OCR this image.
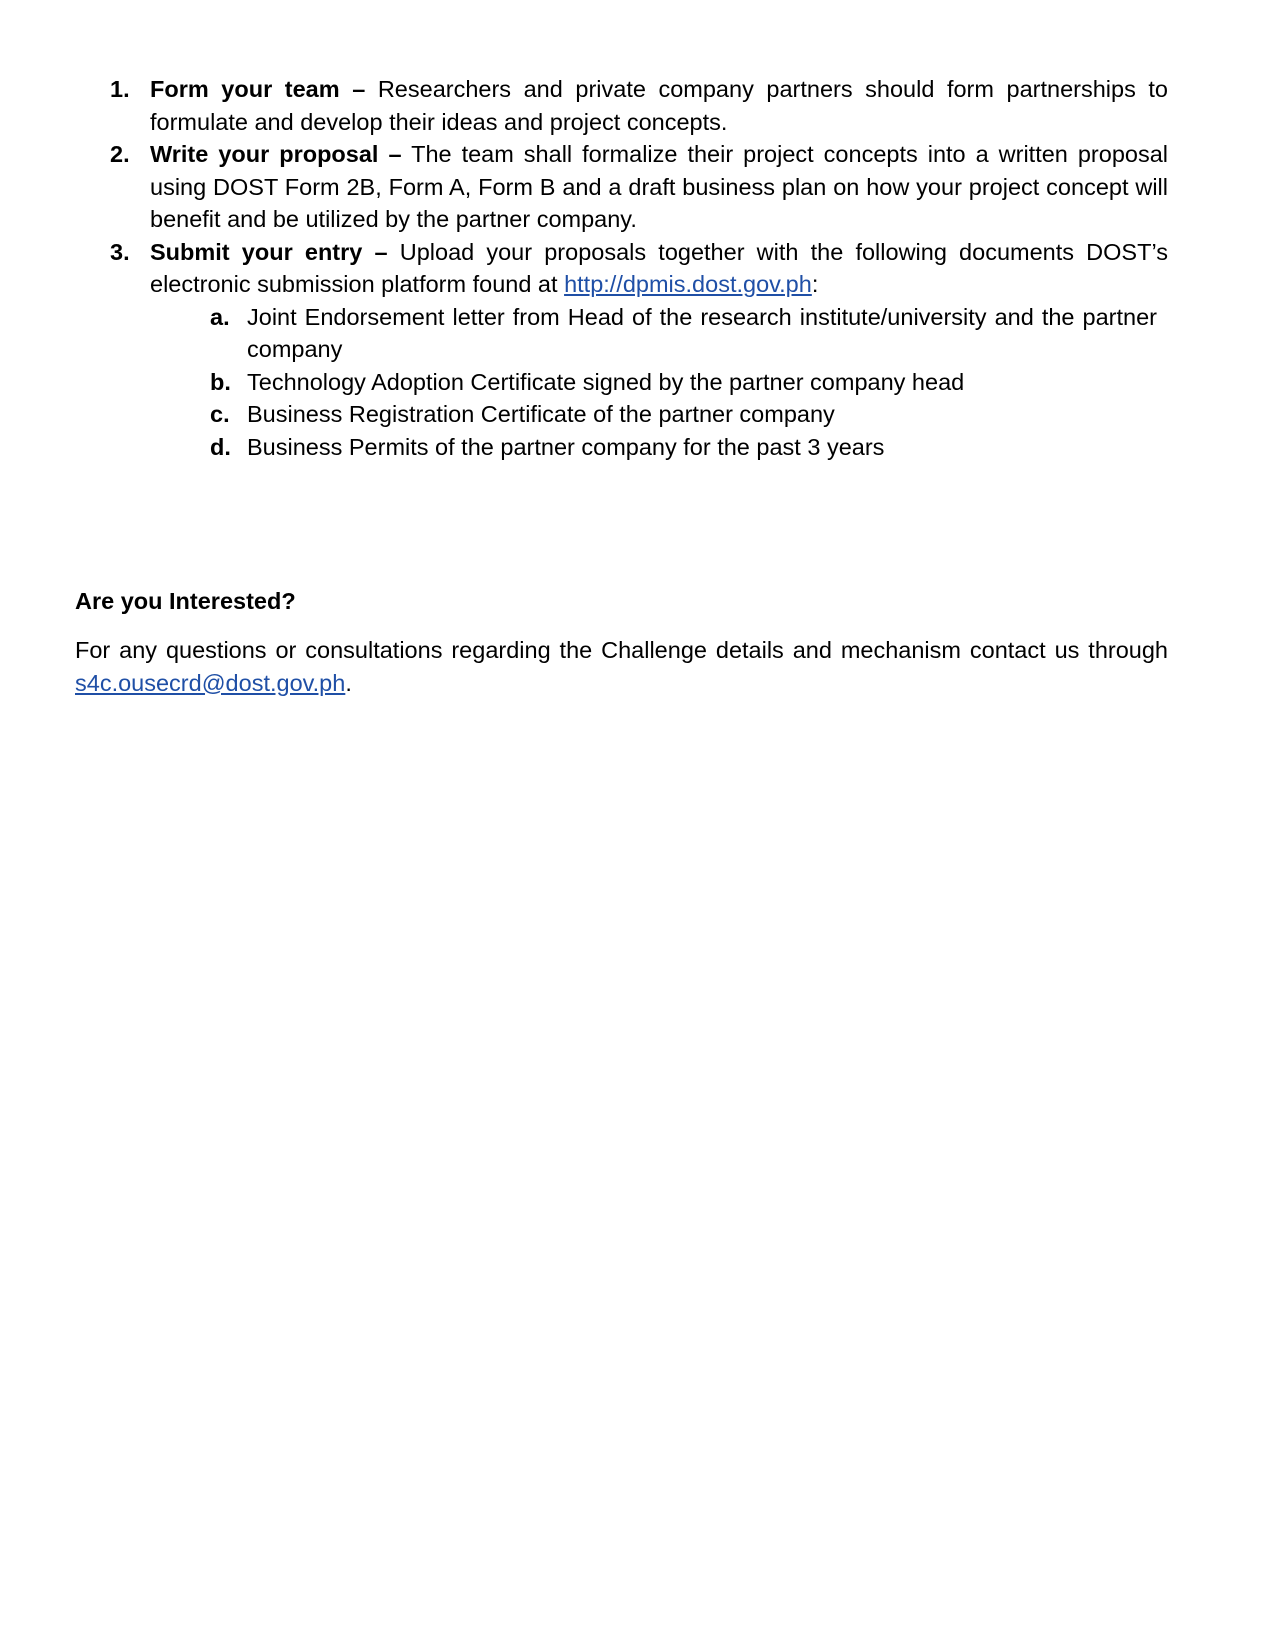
1. Form your team – Researchers and private company partners should form partnerships to formulate and develop their ideas and project concepts.
2. Write your proposal – The team shall formalize their project concepts into a written proposal using DOST Form 2B, Form A, Form B and a draft business plan on how your project concept will benefit and be utilized by the partner company.
3. Submit your entry – Upload your proposals together with the following documents DOST’s electronic submission platform found at http://dpmis.dost.gov.ph:
a. Joint Endorsement letter from Head of the research institute/university and the partner company
b. Technology Adoption Certificate signed by the partner company head
c. Business Registration Certificate of the partner company
d. Business Permits of the partner company for the past 3 years
Are you Interested?

For any questions or consultations regarding the Challenge details and mechanism contact us through s4c.ousecrd@dost.gov.ph.
